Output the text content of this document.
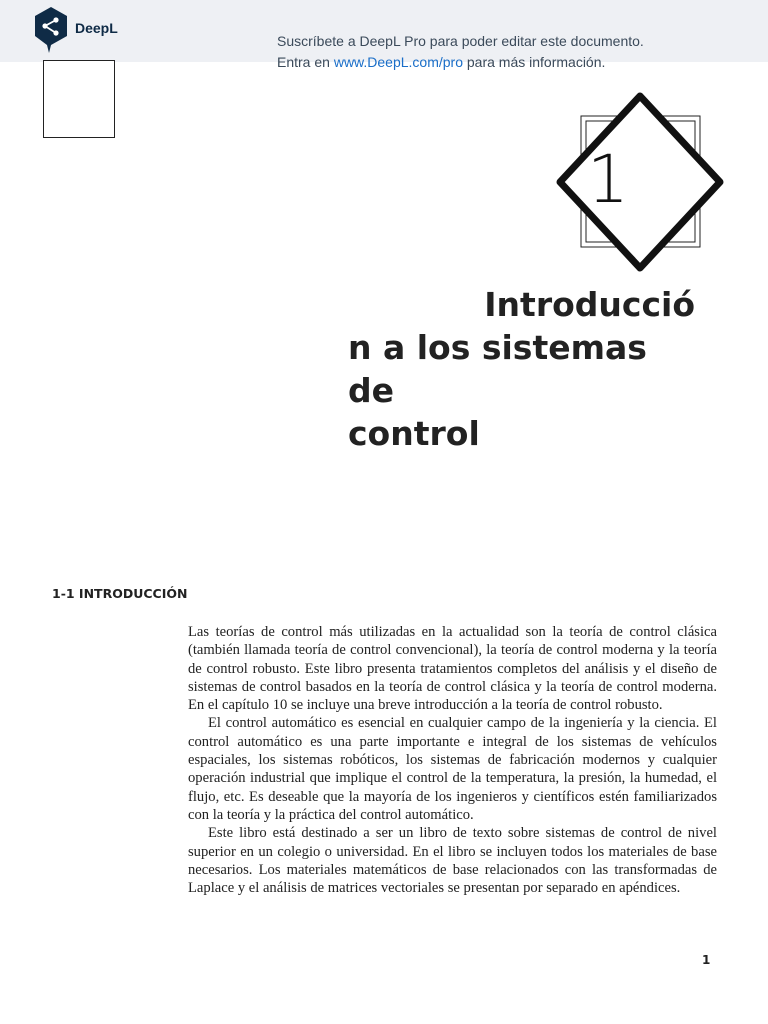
DeepL
Suscríbete a DeepL Pro para poder editar este documento.
Entra en www.DeepL.com/pro para más información.
1
Introducció
n a los sistemas de
control
1-1 INTRODUCCIÓN

Las teorías de control más utilizadas en la actualidad son la teoría de control clásica (también llamada teoría de control convencional), la teoría de control moderna y la teoría de control robusto. Este libro presenta tratamientos completos del análisis y el diseño de sistemas de control basados en la teoría de control clásica y la teoría de control moderna. En el capítulo 10 se incluye una breve introducción a la teoría de control robusto.

El control automático es esencial en cualquier campo de la ingeniería y la ciencia. El control automático es una parte importante e integral de los sistemas de vehículos espaciales, los sistemas robóticos, los sistemas de fabricación modernos y cualquier operación industrial que implique el control de la temperatura, la presión, la humedad, el flujo, etc. Es deseable que la mayoría de los ingenieros y científicos estén familiarizados con la teoría y la práctica del control automático.

Este libro está destinado a ser un libro de texto sobre sistemas de control de nivel superior en un colegio o universidad. En el libro se incluyen todos los materiales de base necesarios. Los materiales matemáticos de base relacionados con las transformadas de Laplace y el análisis de matrices vectoriales se presentan por separado en apéndices.

1
